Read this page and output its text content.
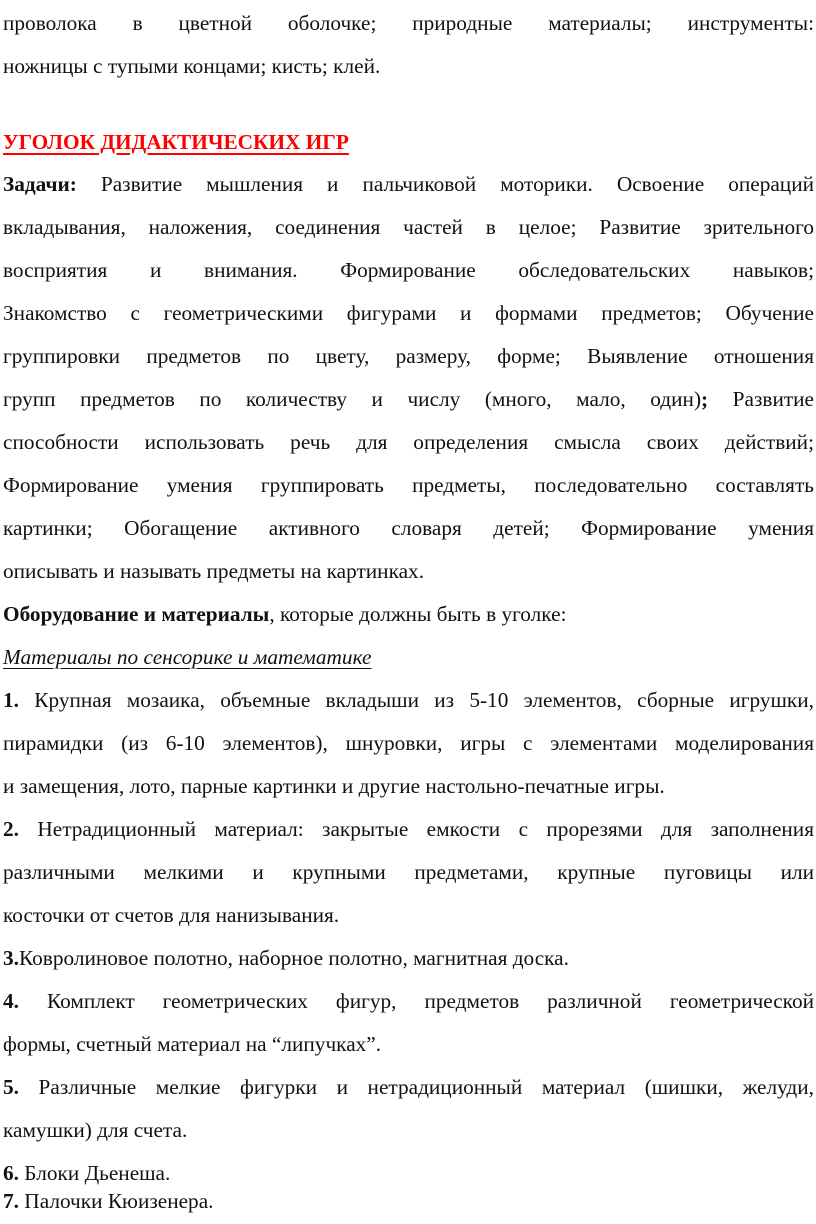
проволока в цветной оболочке; природные материалы; инструменты:
ножницы с тупыми концами; кисть; клей.
УГОЛОК ДИДАКТИЧЕСКИХ ИГР
Задачи: Развитие мышления и пальчиковой моторики. Освоение операций
вкладывания, наложения, соединения частей в целое; Развитие зрительного
восприятия и внимания. Формирование обследовательских навыков;
Знакомство с геометрическими фигурами и формами предметов; Обучение
группировки предметов по цвету, размеру, форме; Выявление отношения
групп предметов по количеству и числу (много, мало, один); Развитие
способности использовать речь для определения смысла своих действий;
Формирование умения группировать предметы, последовательно составлять
картинки; Обогащение активного словаря детей; Формирование умения
описывать и называть предметы на картинках.
Оборудование и материалы, которые должны быть в уголке:
Материалы по сенсорике и математике
1. Крупная мозаика, объемные вкладыши из 5-10 элементов, сборные игрушки,
пирамидки (из 6-10 элементов), шнуровки, игры с элементами моделирования
и замещения, лото, парные картинки и другие настольно-печатные игры.
2. Нетрадиционный материал: закрытые емкости с прорезями для заполнения
различными мелкими и крупными предметами, крупные пуговицы или
косточки от счетов для нанизывания.
3.Ковролиновое полотно, наборное полотно, магнитная доска.
4. Комплект геометрических фигур, предметов различной геометрической
формы, счетный материал на “липучках”.
5. Различные мелкие фигурки и нетрадиционный материал (шишки, желуди,
камушки) для счета.
6. Блоки Дьенеша.
7. Палочки Кюизенера.
